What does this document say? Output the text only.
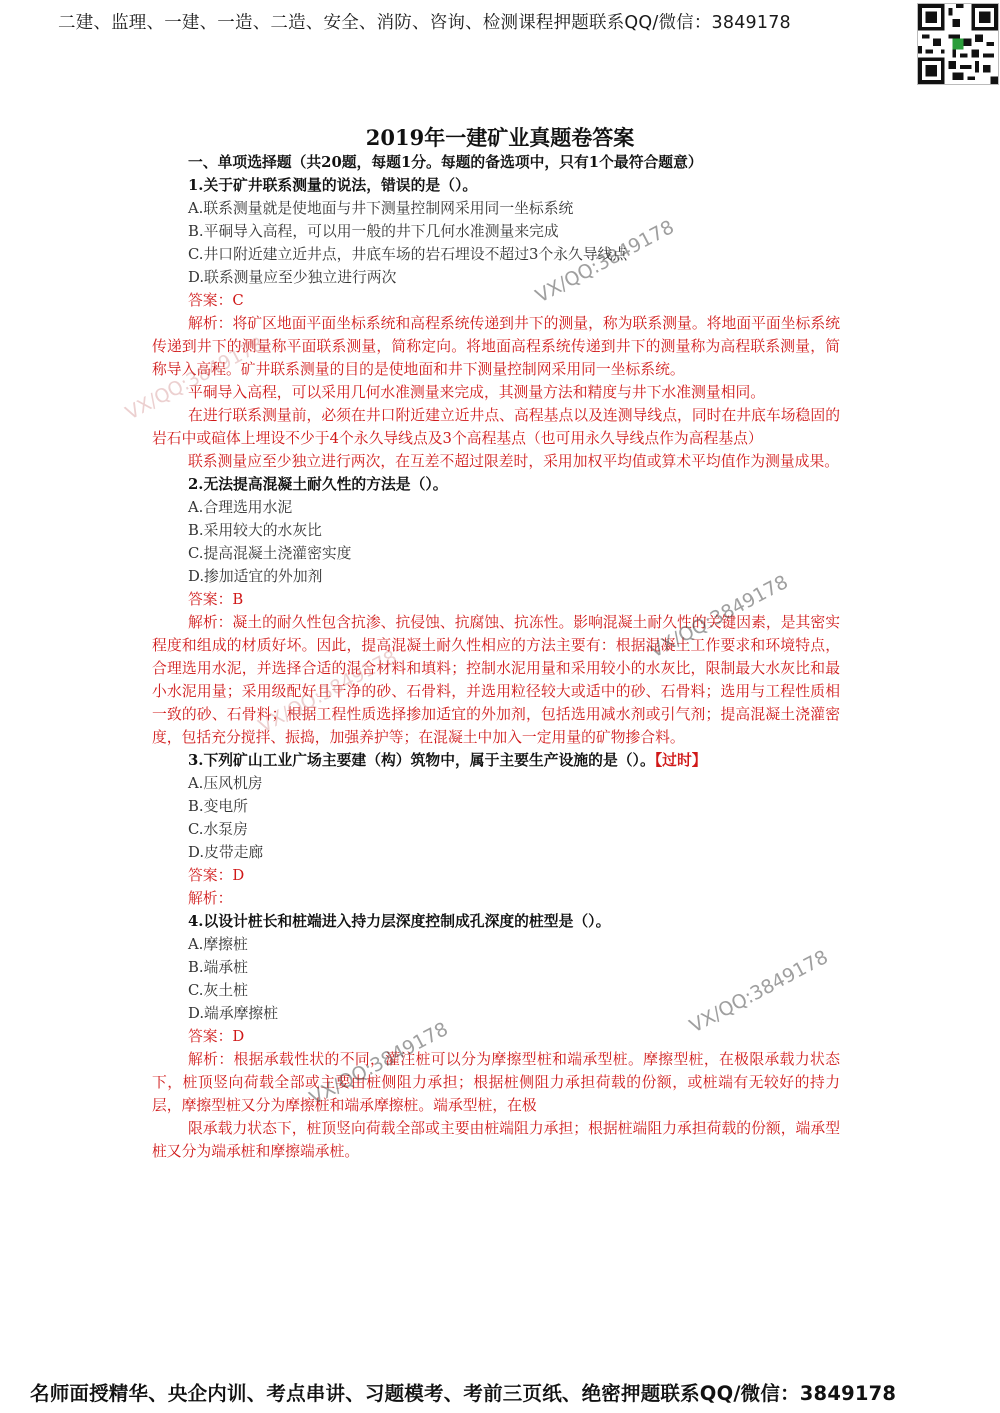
二建、监理、一建、一造、二造、安全、消防、咨询、检测课程押题联系QQ/微信：3849178
2019年一建矿业真题卷答案
一、单项选择题（共20题，每题1分。每题的备选项中，只有1个最符合题意）
1.关于矿井联系测量的说法，错误的是（）。
A.联系测量就是使地面与井下测量控制网采用同一坐标系统
B.平硐导入高程，可以用一般的井下几何水准测量来完成
C.井口附近建立近井点，井底车场的岩石埋设不超过3个永久导线点
D.联系测量应至少独立进行两次
答案：C
解析：将矿区地面平面坐标系统和高程系统传递到井下的测量，称为联系测量。将地面平面坐标系统传递到井下的测量称平面联系测量，简称定向。将地面高程系统传递到井下的测量称为高程联系测量，简称导入高程。矿井联系测量的目的是使地面和井下测量控制网采用同一坐标系统。
平硐导入高程，可以采用几何水准测量来完成，其测量方法和精度与井下水准测量相同。
在进行联系测量前，必须在井口附近建立近井点、高程基点以及连测导线点，同时在井底车场稳固的岩石中或碹体上埋设不少于4个永久导线点及3个高程基点（也可用永久导线点作为高程基点）
联系测量应至少独立进行两次，在互差不超过限差时，采用加权平均值或算术平均值作为测量成果。
2.无法提高混凝土耐久性的方法是（）。
A.合理选用水泥
B.采用较大的水灰比
C.提高混凝土浇灌密实度
D.掺加适宜的外加剂
答案：B
解析：凝土的耐久性包含抗渗、抗侵蚀、抗腐蚀、抗冻性。影响混凝土耐久性的关键因素，是其密实程度和组成的材质好坏。因此，提高混凝土耐久性相应的方法主要有：根据混凝土工作要求和环境特点，合理选用水泥，并选择合适的混合材料和填料；控制水泥用量和采用较小的水灰比，限制最大水灰比和最小水泥用量；采用级配好且干净的砂、石骨料，并选用粒径较大或适中的砂、石骨料；选用与工程性质相一致的砂、石骨料；根据工程性质选择掺加适宜的外加剂，包括选用减水剂或引气剂；提高混凝土浇灌密度，包括充分搅拌、振捣，加强养护等；在混凝土中加入一定用量的矿物掺合料。
3.下列矿山工业广场主要建（构）筑物中，属于主要生产设施的是（）。【过时】
A.压风机房
B.变电所
C.水泵房
D.皮带走廊
答案：D
解析：
4.以设计桩长和桩端进入持力层深度控制成孔深度的桩型是（）。
A.摩擦桩
B.端承桩
C.灰土桩
D.端承摩擦桩
答案：D
解析：根据承载性状的不同，灌注桩可以分为摩擦型桩和端承型桩。摩擦型桩，在极限承载力状态下，桩顶竖向荷载全部或主要由桩侧阻力承担；根据桩侧阻力承担荷载的份额，或桩端有无较好的持力层，摩擦型桩又分为摩擦桩和端承摩擦桩。端承型桩，在极
限承载力状态下，桩顶竖向荷载全部或主要由桩端阻力承担；根据桩端阻力承担荷载的份额，端承型桩又分为端承桩和摩擦端承桩。
VX/QQ:3849178
VX/QQ:3849178
VX/QQ:3849178
VX/QQ:3849178
VX/QQ:3849178
VX/QQ:3849178
名师面授精华、央企内训、考点串讲、习题模考、考前三页纸、绝密押题联系QQ/微信：3849178
